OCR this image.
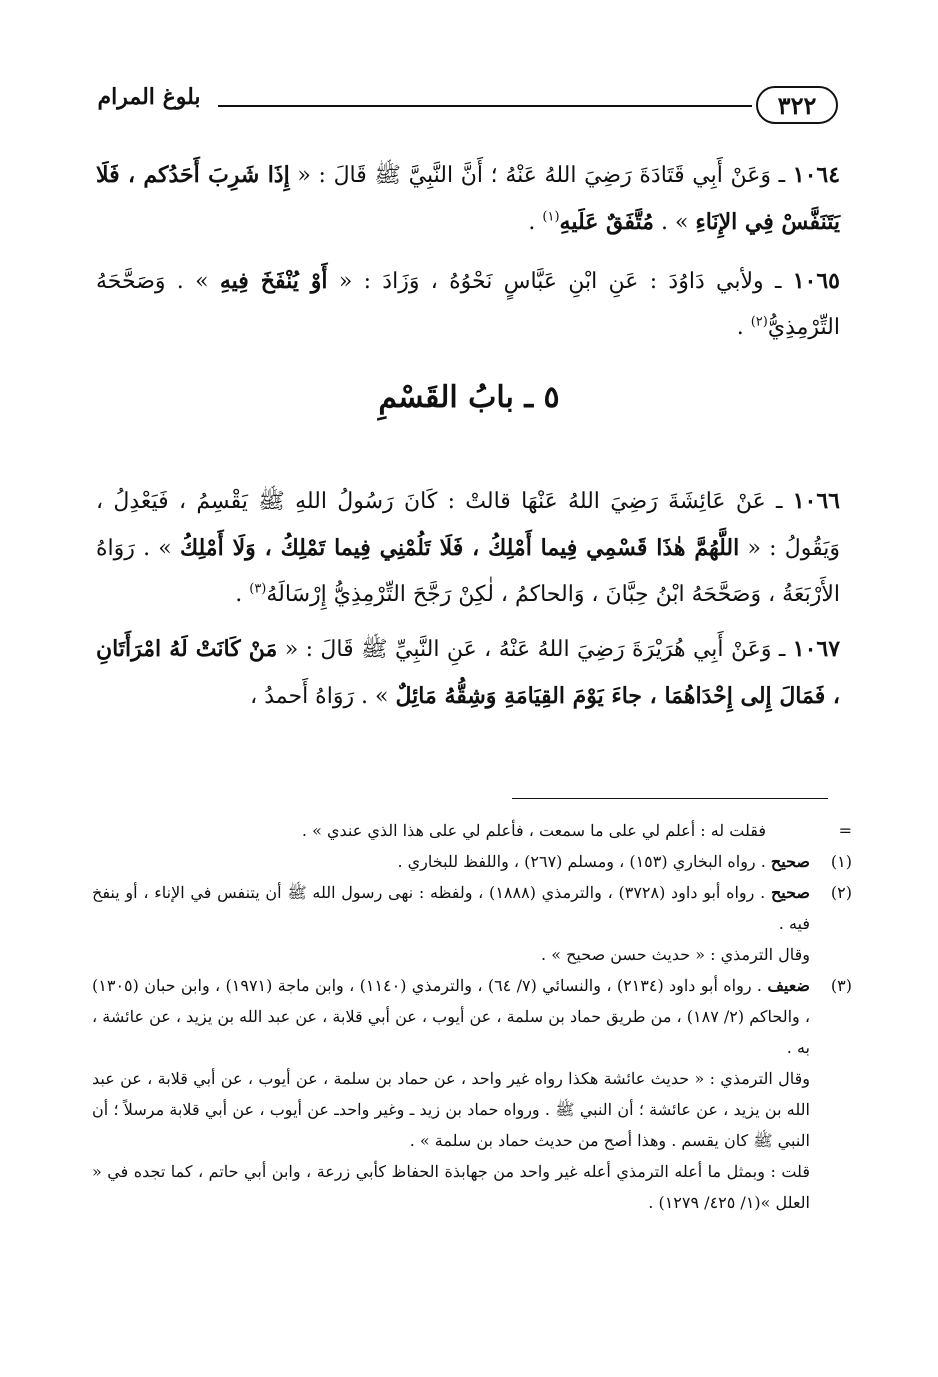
٣٢٢
بلوغ المرام

١٠٦٤ ـ وَعَنْ أَبِي قَتَادَةَ رَضِيَ اللهُ عَنْهُ ؛ أَنَّ النَّبِيَّ ﷺ قَالَ : « إِذَا شَرِبَ أَحَدُكم ، فَلَا يَتَنَفَّسْ فِي الإِنَاءِ » . مُتَّفَقٌ عَلَيهِ$^{(١)}$ .

١٠٦٥ ـ ولأبي دَاوُدَ : عَنِ ابْنِ عَبَّاسٍ نَحْوُهُ ، وَزَادَ : « أَوْ يُنْفَخَ فِيهِ » . وَصَحَّحَهُ التِّرْمِذِيُّ$^{(٢)}$ .

٥ ـ بابُ القَسْمِ

١٠٦٦ ـ عَنْ عَائِشَةَ رَضِيَ اللهُ عَنْهَا قالتْ : كَانَ رَسُولُ اللهِ ﷺ يَقْسِمُ ، فَيَعْدِلُ ، وَيَقُولُ : « اللَّهُمَّ هٰذَا قَسْمِي فِيما أَمْلِكُ ، فَلَا تَلُمْنِي فِيما تَمْلِكُ ، وَلَا أَمْلِكُ » . رَوَاهُ الأَرْبَعَةُ ، وَصَحَّحَهُ ابْنُ حِبَّانَ ، وَالحاكمُ ، لٰكِنْ رَجَّحَ التِّرْمِذِيُّ إِرْسَالَهُ$^{(٣)}$ .

١٠٦٧ ـ وَعَنْ أَبِي هُرَيْرَةَ رَضِيَ اللهُ عَنْهُ ، عَنِ النَّبِيِّ ﷺ قَالَ : « مَنْ كَانَتْ لَهُ امْرَأَتَانِ ، فَمَالَ إِلى إِحْدَاهُمَا ، جاءَ يَوْمَ القِيَامَةِ وَشِقُّهُ مَائِلٌ » . رَوَاهُ أَحمدُ ،

=
فقلت له : أعلم لي على ما سمعت ، فأعلم لي على هذا الذي عندي » .
(١)
صحيح . رواه البخاري (١٥٣) ، ومسلم (٢٦٧) ، واللفظ للبخاري .
(٢)
صحيح . رواه أبو داود (٣٧٢٨) ، والترمذي (١٨٨٨) ، ولفظه : نهى رسول الله ﷺ أن يتنفس في الإناء ، أو ينفخ فيه .
وقال الترمذي : « حديث حسن صحيح » .
(٣)
ضعيف . رواه أبو داود (٢١٣٤) ، والنسائي (٧/ ٦٤) ، والترمذي (١١٤٠) ، وابن ماجة (١٩٧١) ، وابن حبان (١٣٠٥) ، والحاكم (٢/ ١٨٧) ، من طريق حماد بن سلمة ، عن أيوب ، عن أبي قلابة ، عن عبد الله بن يزيد ، عن عائشة ، به .
وقال الترمذي : « حديث عائشة هكذا رواه غير واحد ، عن حماد بن سلمة ، عن أيوب ، عن أبي قلابة ، عن عبد الله بن يزيد ، عن عائشة ؛ أن النبي ﷺ . ورواه حماد بن زيد ـ وغير واحدـ عن أيوب ، عن أبي قلابة مرسلاً ؛ أن النبي ﷺ كان يقسم . وهذا أصح من حديث حماد بن سلمة » .
قلت : وبمثل ما أعله الترمذي أعله غير واحد من جهابذة الحفاظ كأبي زرعة ، وابن أبي حاتم ، كما تجده في « العلل »(١/ ٤٢٥/ ١٢٧٩) .
